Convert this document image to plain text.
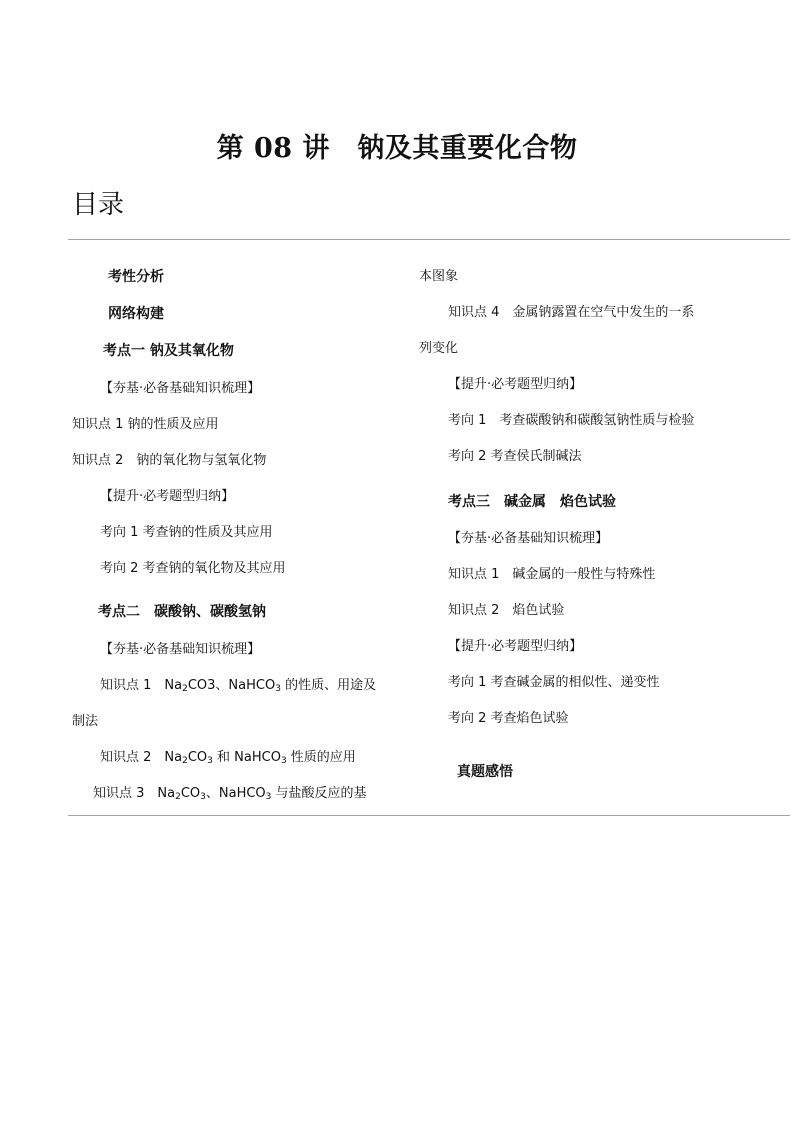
第 08 讲　钠及其重要化合物
目录
考性分析
网络构建
考点一 钠及其氧化物
【夯基·必备基础知识梳理】
知识点 1 钠的性质及应用
知识点 2　钠的氧化物与氢氧化物
【提升·必考题型归纳】
考向 1 考查钠的性质及其应用
考向 2 考查钠的氧化物及其应用
考点二　碳酸钠、碳酸氢钠
【夯基·必备基础知识梳理】
知识点 1　$Na_2CO3$、NaHCO$_3$ 的性质、用途及
制法
知识点 2　$Na_2CO_3$ 和 NaHCO$_3$ 性质的应用
知识点 3　$Na_2CO_3$、NaHCO$_3$ 与盐酸反应的基
本图象
知识点 4　金属钠露置在空气中发生的一系
列变化
【提升·必考题型归纳】
考向 1　考查碳酸钠和碳酸氢钠性质与检验
考向 2 考查侯氏制碱法
考点三　碱金属　焰色试验
【夯基·必备基础知识梳理】
知识点 1　碱金属的一般性与特殊性
知识点 2　焰色试验
【提升·必考题型归纳】
考向 1 考查碱金属的相似性、递变性
考向 2 考查焰色试验
真题感悟
